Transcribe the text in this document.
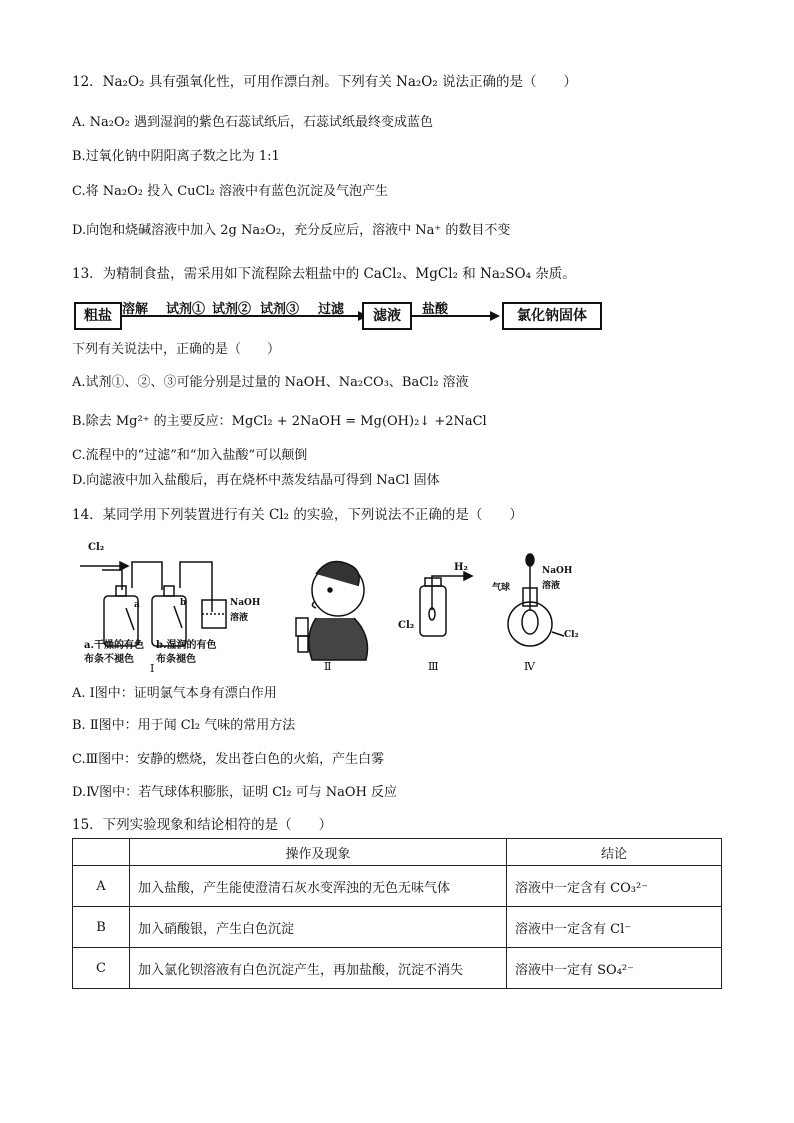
12．Na₂O₂ 具有强氧化性，可用作漂白剂。下列有关 Na₂O₂ 说法正确的是（　　）
A. Na₂O₂ 遇到湿润的紫色石蕊试纸后，石蕊试纸最终变成蓝色
B.过氧化钠中阴阳离子数之比为 1:1
C.将 Na₂O₂ 投入 CuCl₂ 溶液中有蓝色沉淀及气泡产生
D.向饱和烧碱溶液中加入 2g Na₂O₂，充分反应后，溶液中 Na⁺ 的数目不变
13．为精制食盐，需采用如下流程除去粗盐中的 CaCl₂、MgCl₂ 和 Na₂SO₄ 杂质。
粗盐 溶解 试剂① 试剂② 试剂③ 过滤	滤液	盐酸	氯化钠固体
下列有关说法中，正确的是（　　）
A.试剂①、②、③可能分别是过量的 NaOH、Na₂CO₃、BaCl₂ 溶液
B.除去 Mg²⁺ 的主要反应：MgCl₂ + 2NaOH = Mg(OH)₂↓ +2NaCl
C.流程中的“过滤”和“加入盐酸”可以颠倒
D.向滤液中加入盐酸后，再在烧杯中蒸发结晶可得到 NaCl 固体
14．某同学用下列装置进行有关 Cl₂ 的实验，下列说法不正确的是（　　）
Cl₂
a	b	NaOH
溶液
a.干燥的有色
布条不褪色
b.湿润的有色
布条褪色
Ⅰ	Ⅱ
H₂
Cl₂
Ⅲ
NaOH
溶液
气球
Cl₂
Ⅳ
A. Ⅰ图中：证明氯气本身有漂白作用
B. Ⅱ图中：用于闻 Cl₂ 气味的常用方法
C.Ⅲ图中：安静的燃烧，发出苍白色的火焰，产生白雾
D.Ⅳ图中：若气球体积膨胀，证明 Cl₂ 可与 NaOH 反应
15．下列实验现象和结论相符的是（　　）
	操作及现象	结论
A	加入盐酸，产生能使澄清石灰水变浑浊的无色无味气体	溶液中一定含有 CO₃²⁻
B	加入硝酸银，产生白色沉淀	溶液中一定含有 Cl⁻
C	加入氯化钡溶液有白色沉淀产生，再加盐酸，沉淀不消失	溶液中一定有 SO₄²⁻
